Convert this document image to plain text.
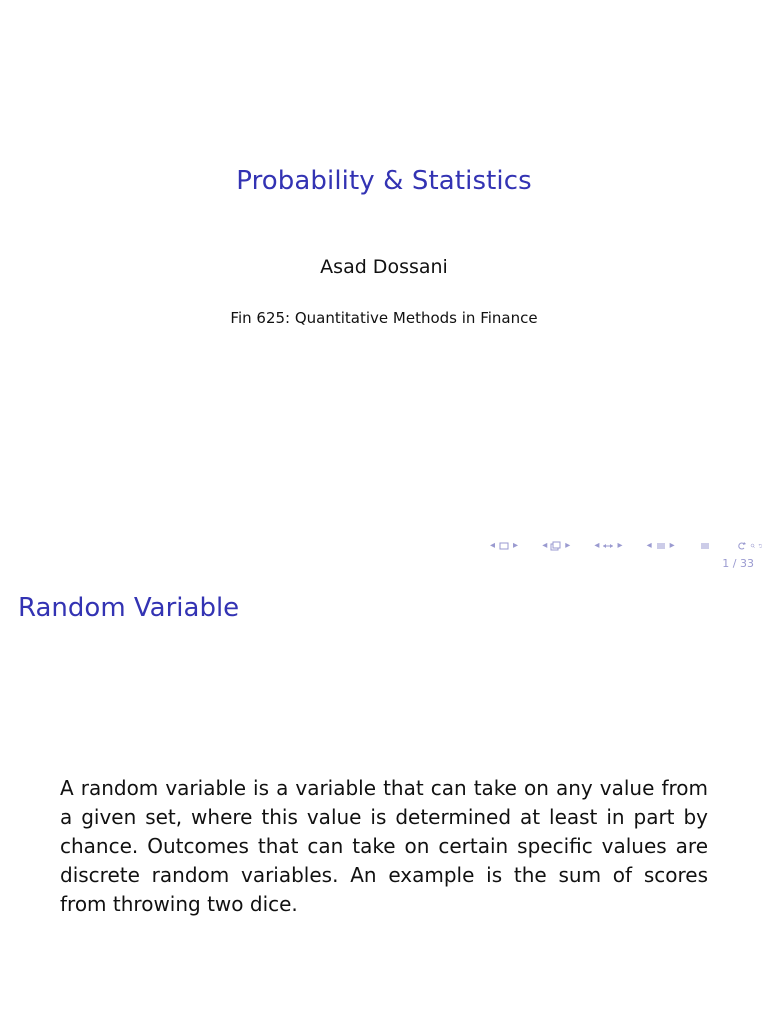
Probability & Statistics
Asad Dossani
Fin 625: Quantitative Methods in Finance
◂ ▸ ◂ ▸ ◂ ▸ ◂ ▸
1 / 33
Random Variable
A random variable is a variable that can take on any value from a given set, where this value is determined at least in part by chance. Outcomes that can take on certain specific values are discrete random variables. An example is the sum of scores from throwing two dice.
